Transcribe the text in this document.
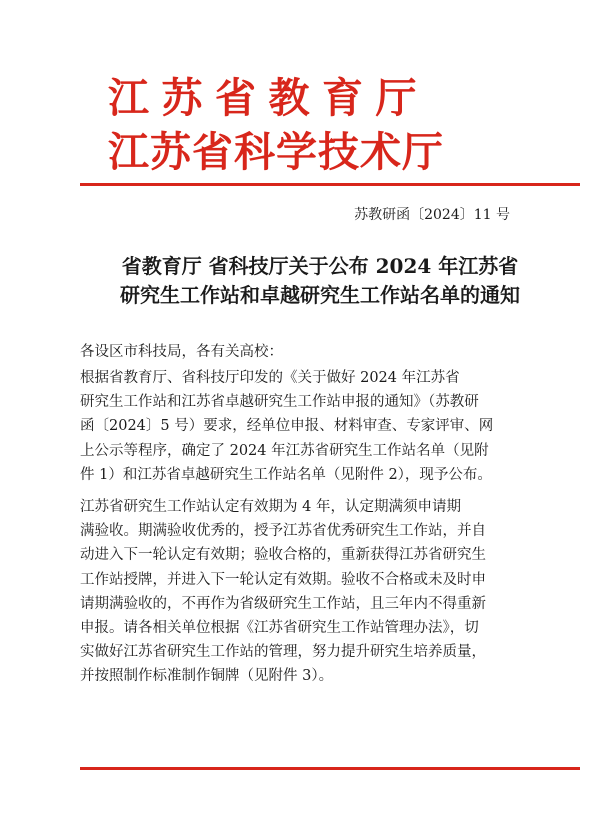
江苏省教育厅
江苏省科学技术厅
苏教研函〔2024〕11 号
省教育厅 省科技厅关于公布 2024 年江苏省
研究生工作站和卓越研究生工作站名单的通知
各设区市科技局，各有关高校：
根据省教育厅、省科技厅印发的《关于做好 2024 年江苏省
研究生工作站和江苏省卓越研究生工作站申报的通知》（苏教研
函〔2024〕5 号）要求，经单位申报、材料审查、专家评审、网
上公示等程序，确定了 2024 年江苏省研究生工作站名单（见附
件 1）和江苏省卓越研究生工作站名单（见附件 2），现予公布。
江苏省研究生工作站认定有效期为 4 年，认定期满须申请期
满验收。期满验收优秀的，授予江苏省优秀研究生工作站，并自
动进入下一轮认定有效期；验收合格的，重新获得江苏省研究生
工作站授牌，并进入下一轮认定有效期。验收不合格或未及时申
请期满验收的，不再作为省级研究生工作站，且三年内不得重新
申报。请各相关单位根据《江苏省研究生工作站管理办法》，切
实做好江苏省研究生工作站的管理，努力提升研究生培养质量，
并按照制作标准制作铜牌（见附件 3）。
